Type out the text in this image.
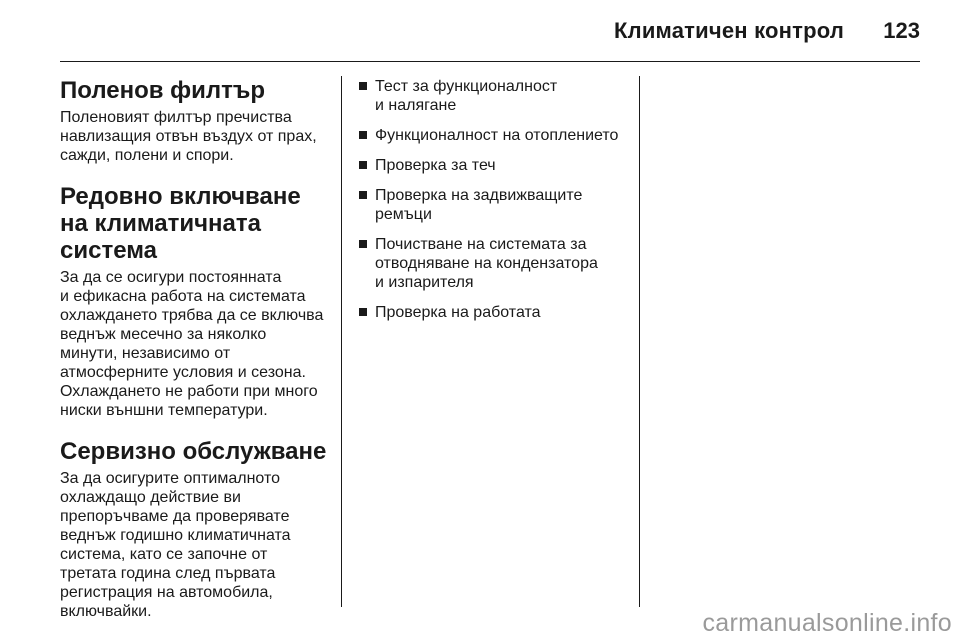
Климатичен контрол 123
Поленов филтър

Поленовият филтър пречиства
навлизащия отвън въздух от прах,
сажди, полени и спори.

Редовно включване на климатичната система

За да се осигури постоянната
и ефикасна работа на системата
охлаждането трябва да се включва
веднъж месечно за няколко
минути, независимо от
атмосферните условия и сезона.
Охлаждането не работи при много
ниски външни температури.

Сервизно обслужване

За да осигурите оптималното
охлаждащо действие ви
препоръчваме да проверявате
веднъж годишно климатичната
система, като се започне от
третата година след първата
регистрация на автомобила,
включвайки.

Тест за функционалност
и налягане
Функционалност на отоплението
Проверка за теч
Проверка на задвижващите
ремъци
Почистване на системата за
отводняване на кондензатора
и изпарителя
Проверка на работата
carmanualsonline.info
